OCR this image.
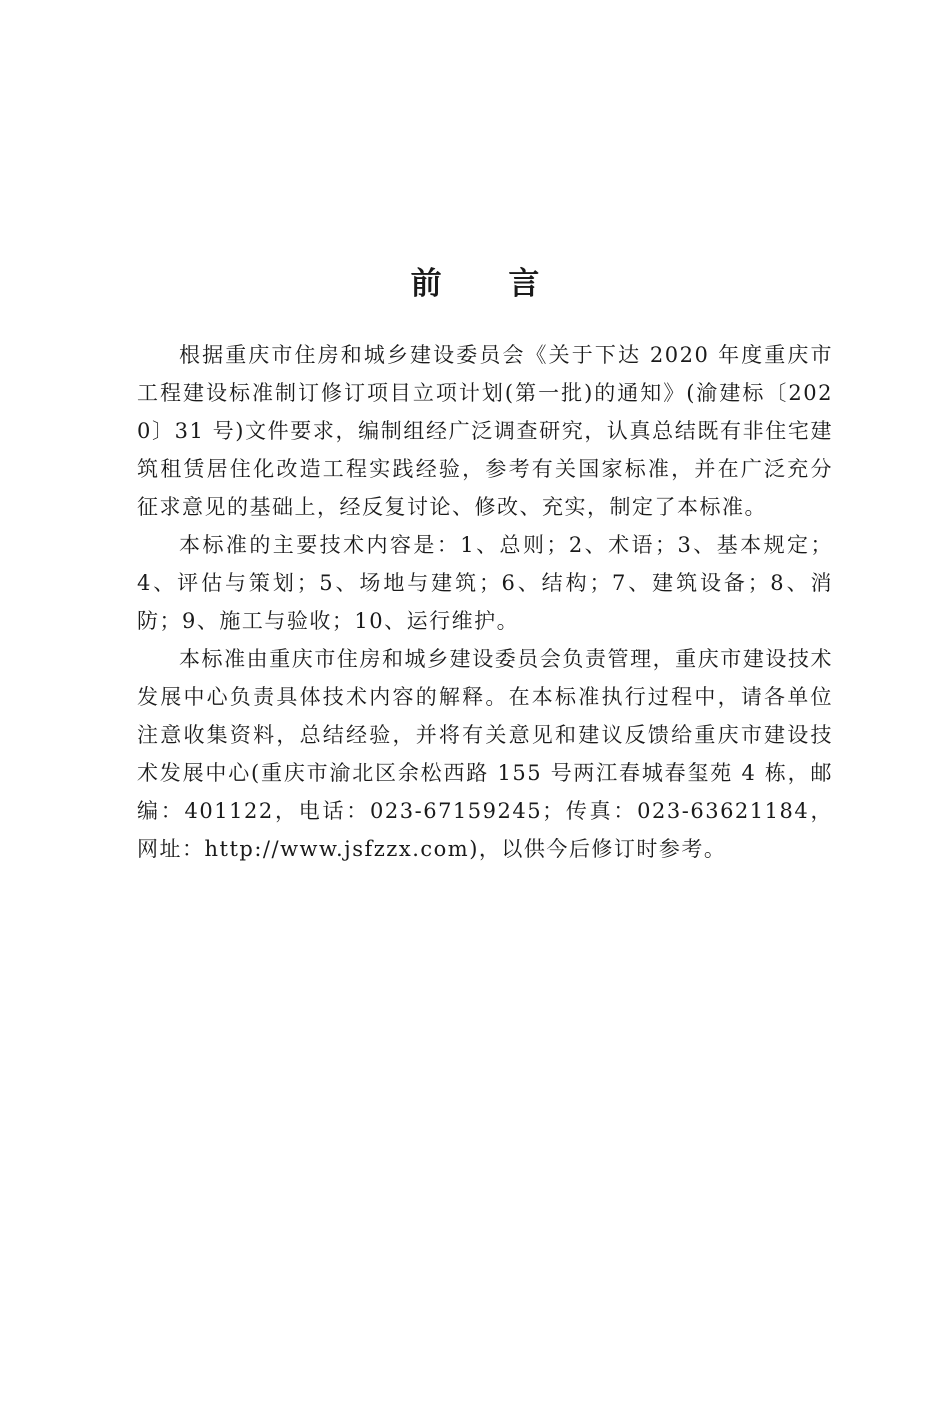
前 言

根据重庆市住房和城乡建设委员会《关于下达 2020 年度重庆市工程建设标准制订修订项目立项计划(第一批)的通知》(渝建标〔2020〕31 号)文件要求，编制组经广泛调查研究，认真总结既有非住宅建筑租赁居住化改造工程实践经验，参考有关国家标准，并在广泛充分征求意见的基础上，经反复讨论、修改、充实，制定了本标准。

本标准的主要技术内容是：1、总则；2、术语；3、基本规定；4、评估与策划；5、场地与建筑；6、结构；7、建筑设备；8、消防；9、施工与验收；10、运行维护。

本标准由重庆市住房和城乡建设委员会负责管理，重庆市建设技术发展中心负责具体技术内容的解释。在本标准执行过程中，请各单位注意收集资料，总结经验，并将有关意见和建议反馈给重庆市建设技术发展中心(重庆市渝北区余松西路 155 号两江春城春玺苑 4 栋，邮编：401122，电话：023-67159245；传真：023-63621184，网址：http://www.jsfzzx.com)，以供今后修订时参考。
